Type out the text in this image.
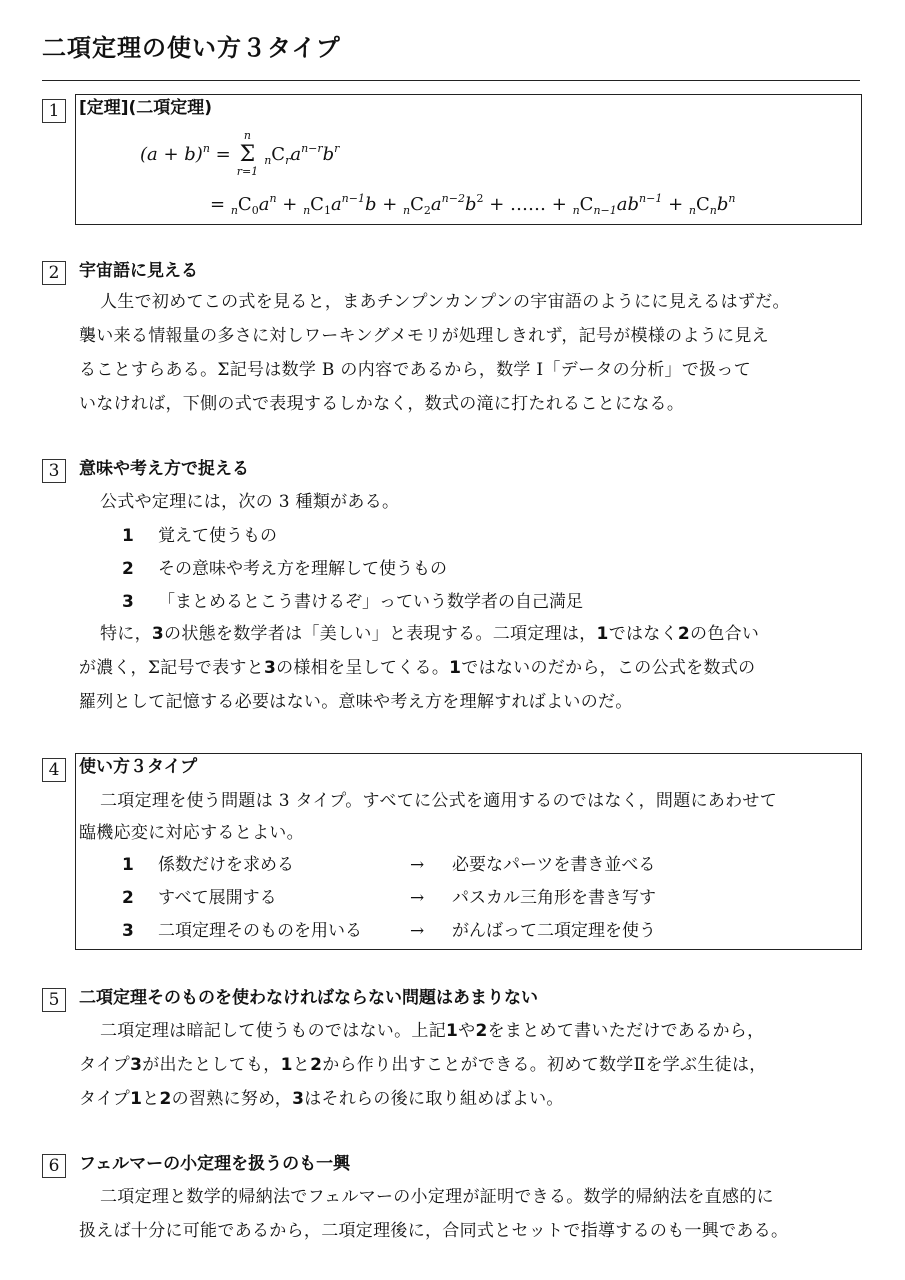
二項定理の使い方３タイプ
1	[定理](二項定理)
$(a + b)^n$ =
n
Σ
r=1
$_nC_ra^{n-r}b^r$
= $_nC_0a^n + _nC_1a^{n-1}b + _nC_2a^{n-2}b^2$ + …… + $_nC_{n-1}ab^{n-1} + _nC_nb^n$
2	宇宙語に見える
人生で初めてこの式を見ると，まあチンプンカンプンの宇宙語のようにに見えるはずだ。
襲い来る情報量の多さに対しワーキングメモリが処理しきれず，記号が模様のように見え
ることすらある。Σ記号は数学 B の内容であるから，数学 I「データの分析」で扱って
いなければ，下側の式で表現するしかなく，数式の滝に打たれることになる。
3	意味や考え方で捉える
公式や定理には，次の 3 種類がある。
1 覚えて使うもの
2 その意味や考え方を理解して使うもの
3 「まとめるとこう書けるぞ」っていう数学者の自己満足
特に，3の状態を数学者は「美しい」と表現する。二項定理は，1ではなく2の色合い
が濃く，Σ記号で表すと3の様相を呈してくる。1ではないのだから，この公式を数式の
羅列として記憶する必要はない。意味や考え方を理解すればよいのだ。
4	使い方３タイプ
二項定理を使う問題は 3 タイプ。すべてに公式を適用するのではなく，問題にあわせて
臨機応変に対応するとよい。
1 係数だけを求める	→ 必要なパーツを書き並べる
2 すべて展開する	→ パスカル三角形を書き写す
3 二項定理そのものを用いる	→ がんばって二項定理を使う
5	二項定理そのものを使わなければならない問題はあまりない
二項定理は暗記して使うものではない。上記1や2をまとめて書いただけであるから，
タイプ3が出たとしても，1と2から作り出すことができる。初めて数学Ⅱを学ぶ生徒は，
タイプ1と2の習熟に努め，3はそれらの後に取り組めばよい。
6	フェルマーの小定理を扱うのも一興
二項定理と数学的帰納法でフェルマーの小定理が証明できる。数学的帰納法を直感的に
扱えば十分に可能であるから，二項定理後に，合同式とセットで指導するのも一興である。
